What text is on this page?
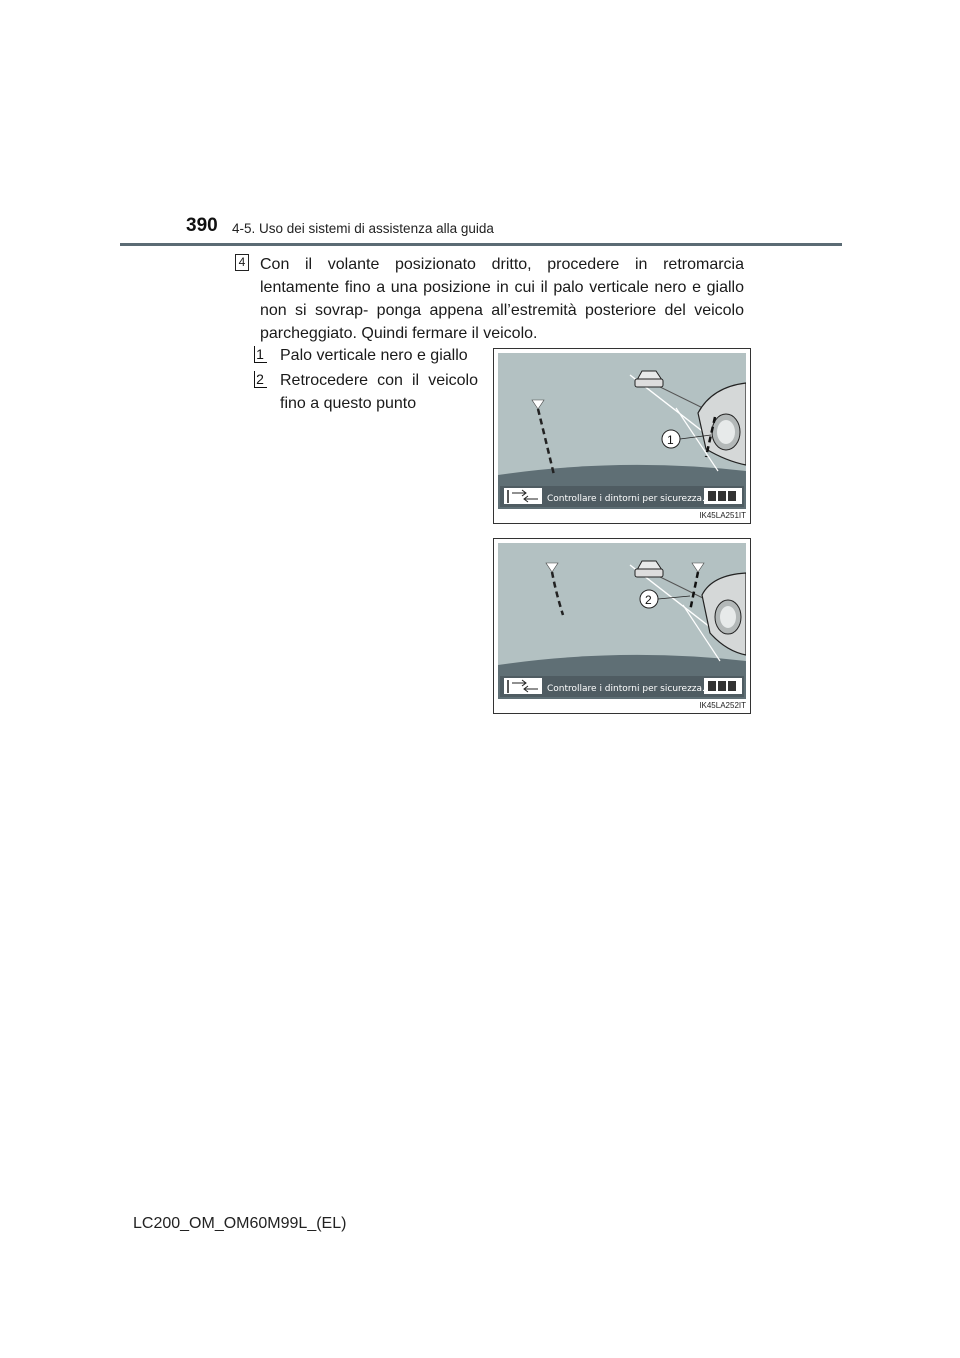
390 4-5. Uso dei sistemi di assistenza alla guida
4 Con il volante posizionato dritto, procedere in retromarcia lentamente fino a una posizione in cui il palo verticale nero e giallo non si sovrap- ponga appena all’estremità posteriore del veicolo parcheggiato. Quindi fermare il veicolo.
1 Palo verticale nero e giallo
2 Retrocedere con il veicolo fino a questo punto
1
Controllare i dintorni per sicurezza.
IK45LA251IT
2
Controllare i dintorni per sicurezza.
IK45LA252IT
LC200_OM_OM60M99L_(EL)
